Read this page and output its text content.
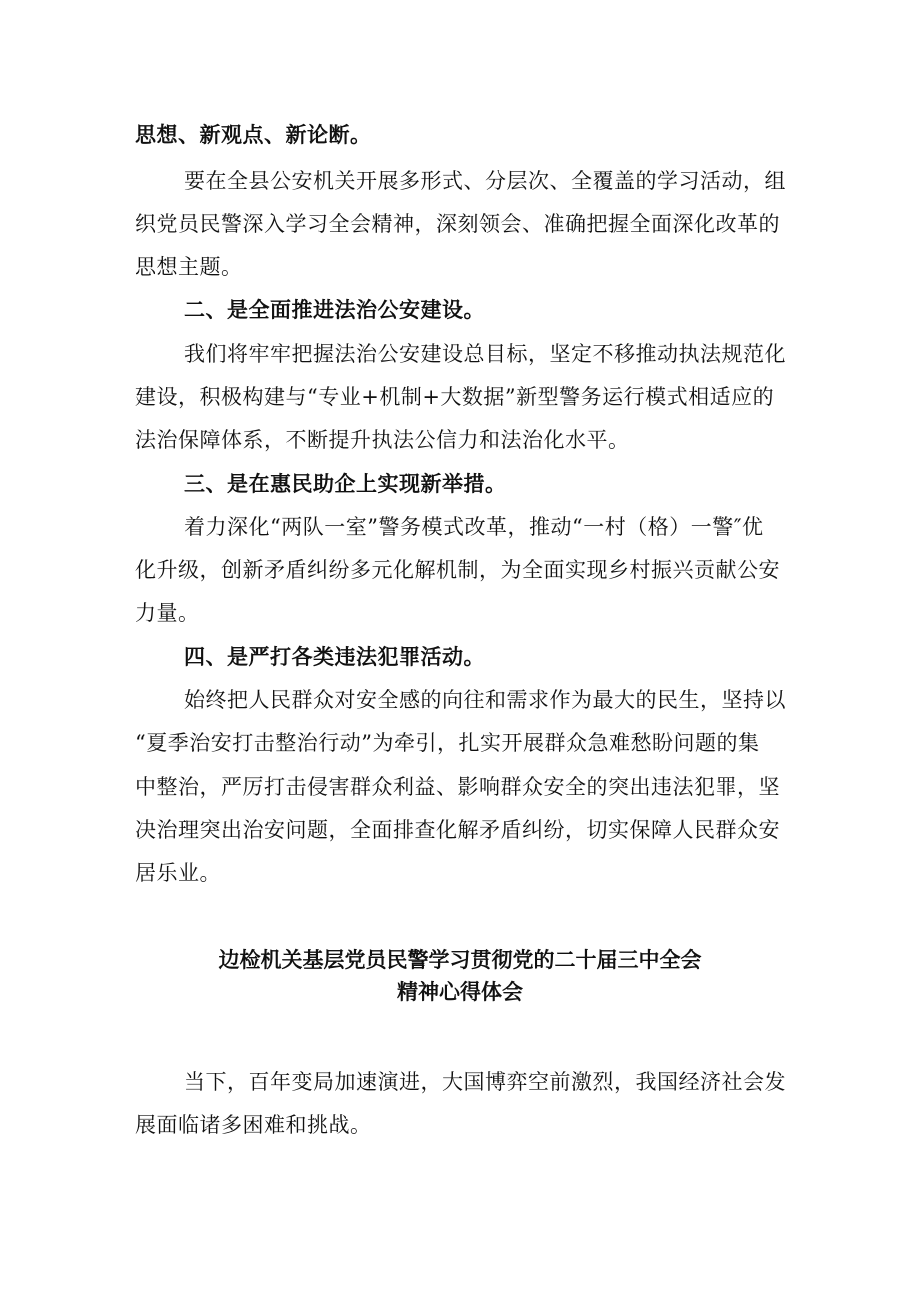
思想、新观点、新论断。
要在全县公安机关开展多形式、分层次、全覆盖的学习活动，组
织党员民警深入学习全会精神，深刻领会、准确把握全面深化改革的
思想主题。
二、是全面推进法治公安建设。
我们将牢牢把握法治公安建设总目标，坚定不移推动执法规范化
建设，积极构建与“专业+机制+大数据”新型警务运行模式相适应的
法治保障体系，不断提升执法公信力和法治化水平。
三、是在惠民助企上实现新举措。
着力深化“两队一室”警务模式改革，推动“一村（格）一警″优
化升级，创新矛盾纠纷多元化解机制，为全面实现乡村振兴贡献公安
力量。
四、是严打各类违法犯罪活动。
始终把人民群众对安全感的向往和需求作为最大的民生，坚持以
“夏季治安打击整治行动”为牵引，扎实开展群众急难愁盼问题的集
中整治，严厉打击侵害群众利益、影响群众安全的突出违法犯罪，坚
决治理突出治安问题，全面排查化解矛盾纠纷，切实保障人民群众安
居乐业。
边检机关基层党员民警学习贯彻党的二十届三中全会
精神心得体会
当下，百年变局加速演进，大国博弈空前激烈，我国经济社会发
展面临诸多困难和挑战。
